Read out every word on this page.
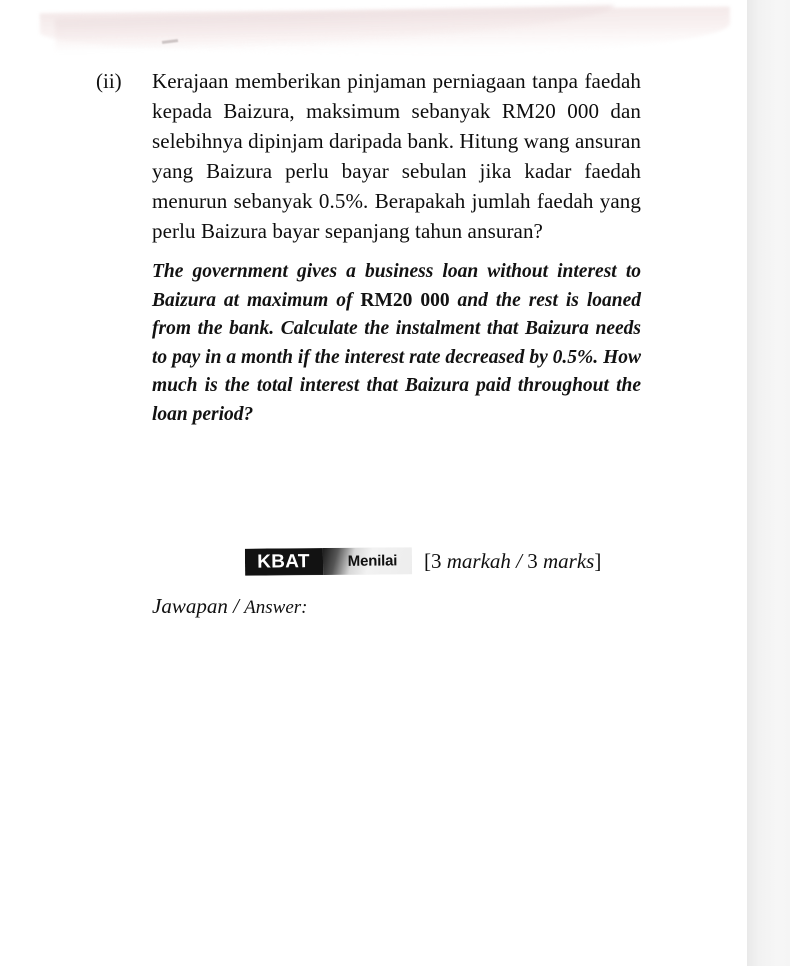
(ii)	Kerajaan memberikan pinjaman perniagaan tanpa faedah kepada Baizura, maksimum sebanyak RM20 000 dan selebihnya dipinjam daripada bank. Hitung wang ansuran yang Baizura perlu bayar sebulan jika kadar faedah menurun sebanyak 0.5%. Berapakah jumlah faedah yang perlu Baizura bayar sepanjang tahun ansuran?

The government gives a business loan without interest to Baizura at maximum of RM20 000 and the rest is loaned from the bank. Calculate the instalment that Baizura needs to pay in a month if the interest rate decreased by 0.5%. How much is the total interest that Baizura paid throughout the loan period?

KBAT	Menilai [3 markah / 3 marks]
Jawapan / Answer:
